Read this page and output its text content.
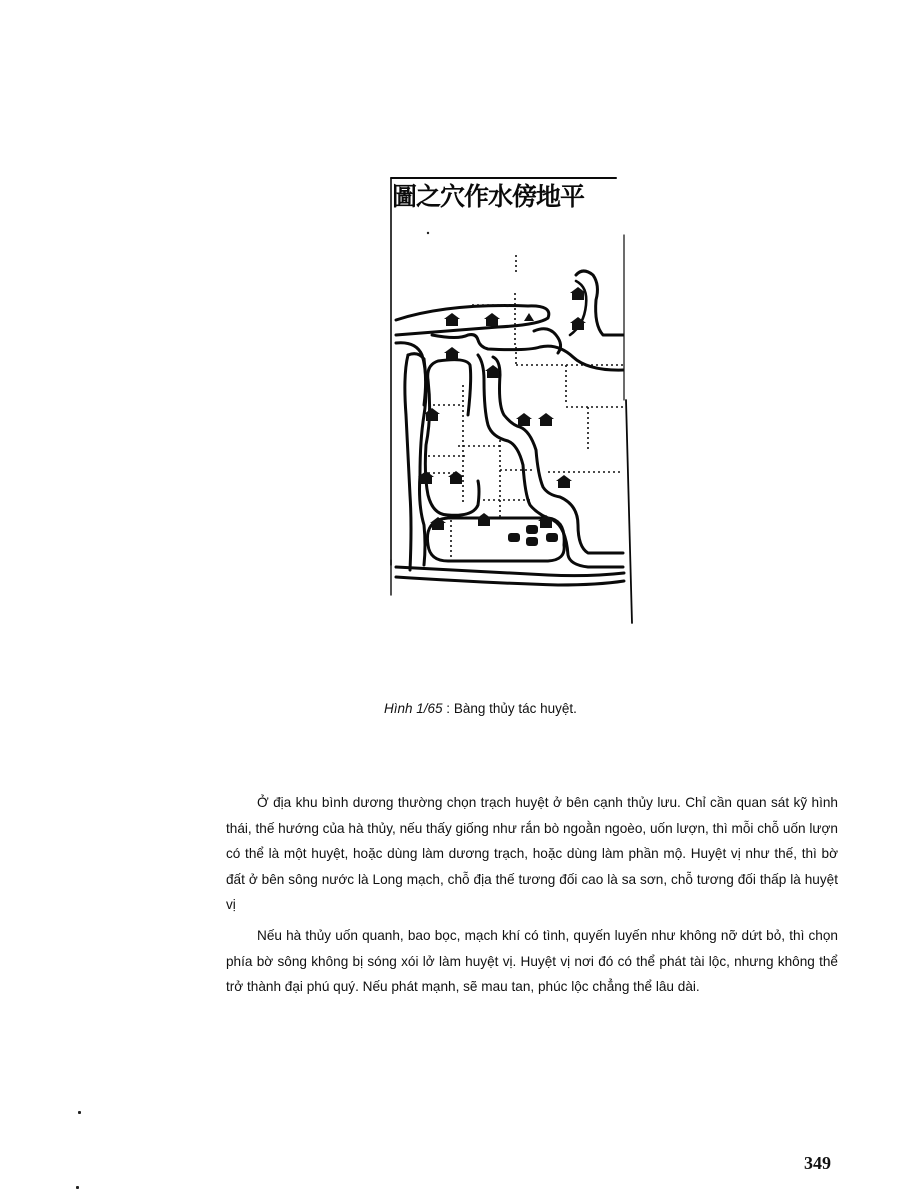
圖之穴作水傍地平
Hình 1/65 : Bàng thủy tác huyệt.

Ở địa khu bình dương thường chọn trạch huyệt ở bên cạnh thủy lưu. Chỉ cần quan sát kỹ hình thái, thế hướng của hà thủy, nếu thấy giống như rắn bò ngoằn ngoèo, uốn lượn, thì mỗi chỗ uốn lượn có thể là một huyệt, hoặc dùng làm dương trạch, hoặc dùng làm phần mộ. Huyệt vị như thế, thì bờ đất ở bên sông nước là Long mạch, chỗ địa thế tương đối cao là sa sơn, chỗ tương đối thấp là huyệt vị

Nếu hà thủy uốn quanh, bao bọc, mạch khí có tình, quyến luyến như không nỡ dứt bỏ, thì chọn phía bờ sông không bị sóng xói lở làm huyệt vị. Huyệt vị nơi đó có thể phát tài lộc, nhưng không thể trở thành đại phú quý. Nếu phát mạnh, sẽ mau tan, phúc lộc chẳng thể lâu dài.

349
